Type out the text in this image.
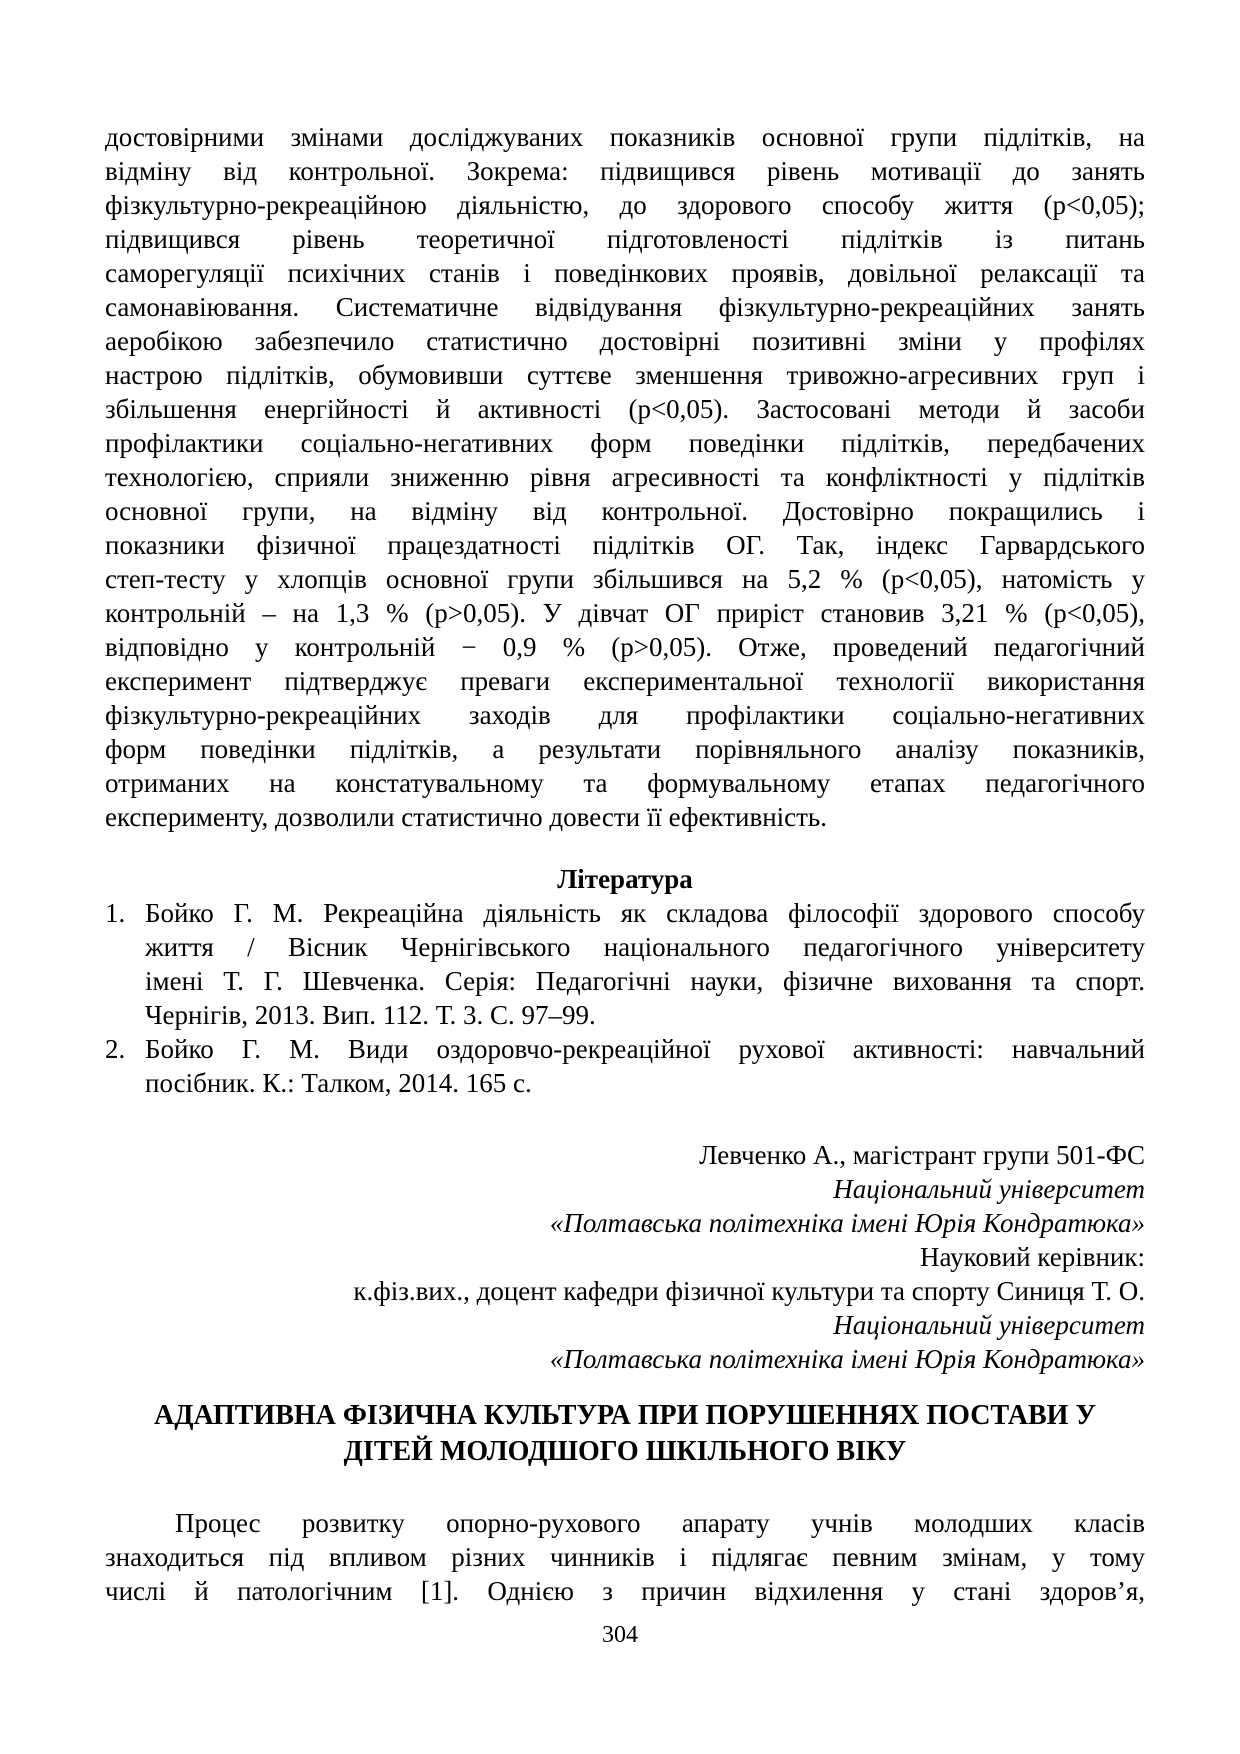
достовірними змінами досліджуваних показників основної групи підлітків, на
відміну від контрольної. Зокрема: підвищився рівень мотивації до занять
фізкультурно-рекреаційною діяльністю, до здорового способу життя (р<0,05);
підвищився рівень теоретичної підготовленості підлітків із питань
саморегуляції психічних станів і поведінкових проявів, довільної релаксації та
самонавіювання. Систематичне відвідування фізкультурно-рекреаційних занять
аеробікою забезпечило статистично достовірні позитивні зміни у профілях
настрою підлітків, обумовивши суттєве зменшення тривожно-агресивних груп і
збільшення енергійності й активності (р<0,05). Застосовані методи й засоби
профілактики соціально-негативних форм поведінки підлітків, передбачених
технологією, сприяли зниженню рівня агресивності та конфліктності у підлітків
основної групи, на відміну від контрольної. Достовірно покращились і
показники фізичної працездатності підлітків ОГ. Так, індекс Гарвардського
степ-тесту у хлопців основної групи збільшився на 5,2 % (р<0,05), натомість у
контрольній – на 1,3 % (р>0,05). У дівчат ОГ приріст становив 3,21 % (р<0,05),
відповідно у контрольній − 0,9 % (р>0,05). Отже, проведений педагогічний
експеримент підтверджує преваги експериментальної технології використання
фізкультурно-рекреаційних заходів для профілактики соціально-негативних
форм поведінки підлітків, а результати порівняльного аналізу показників,
отриманих на констатувальному та формувальному етапах педагогічного
експерименту, дозволили статистично довести її ефективність.
Література
1. Бойко Г. М. Рекреаційна діяльність як складова філософії здорового способу
життя / Вісник Чернігівського національного педагогічного університету
імені Т. Г. Шевченка. Серія: Педагогічні науки, фізичне виховання та спорт.
Чернігів, 2013. Вип. 112. Т. 3. С. 97–99.
2. Бойко Г. М. Види оздоровчо-рекреаційної рухової активності: навчальний
посібник. К.: Талком, 2014. 165 с.
Левченко А., магістрант групи 501-ФС
Національний університет
«Полтавська політехніка імені Юрія Кондратюка»
Науковий керівник:
к.фіз.вих., доцент кафедри фізичної культури та спорту Синиця Т. О.
Національний університет
«Полтавська політехніка імені Юрія Кондратюка»
АДАПТИВНА ФІЗИЧНА КУЛЬТУРА ПРИ ПОРУШЕННЯХ ПОСТАВИ У
ДІТЕЙ МОЛОДШОГО ШКІЛЬНОГО ВІКУ
Процес розвитку опорно-рухового апарату учнів молодших класів
знаходиться під впливом різних чинників і підлягає певним змінам, у тому
числі й патологічним [1]. Однією з причин відхилення у стані здоров’я,
304
